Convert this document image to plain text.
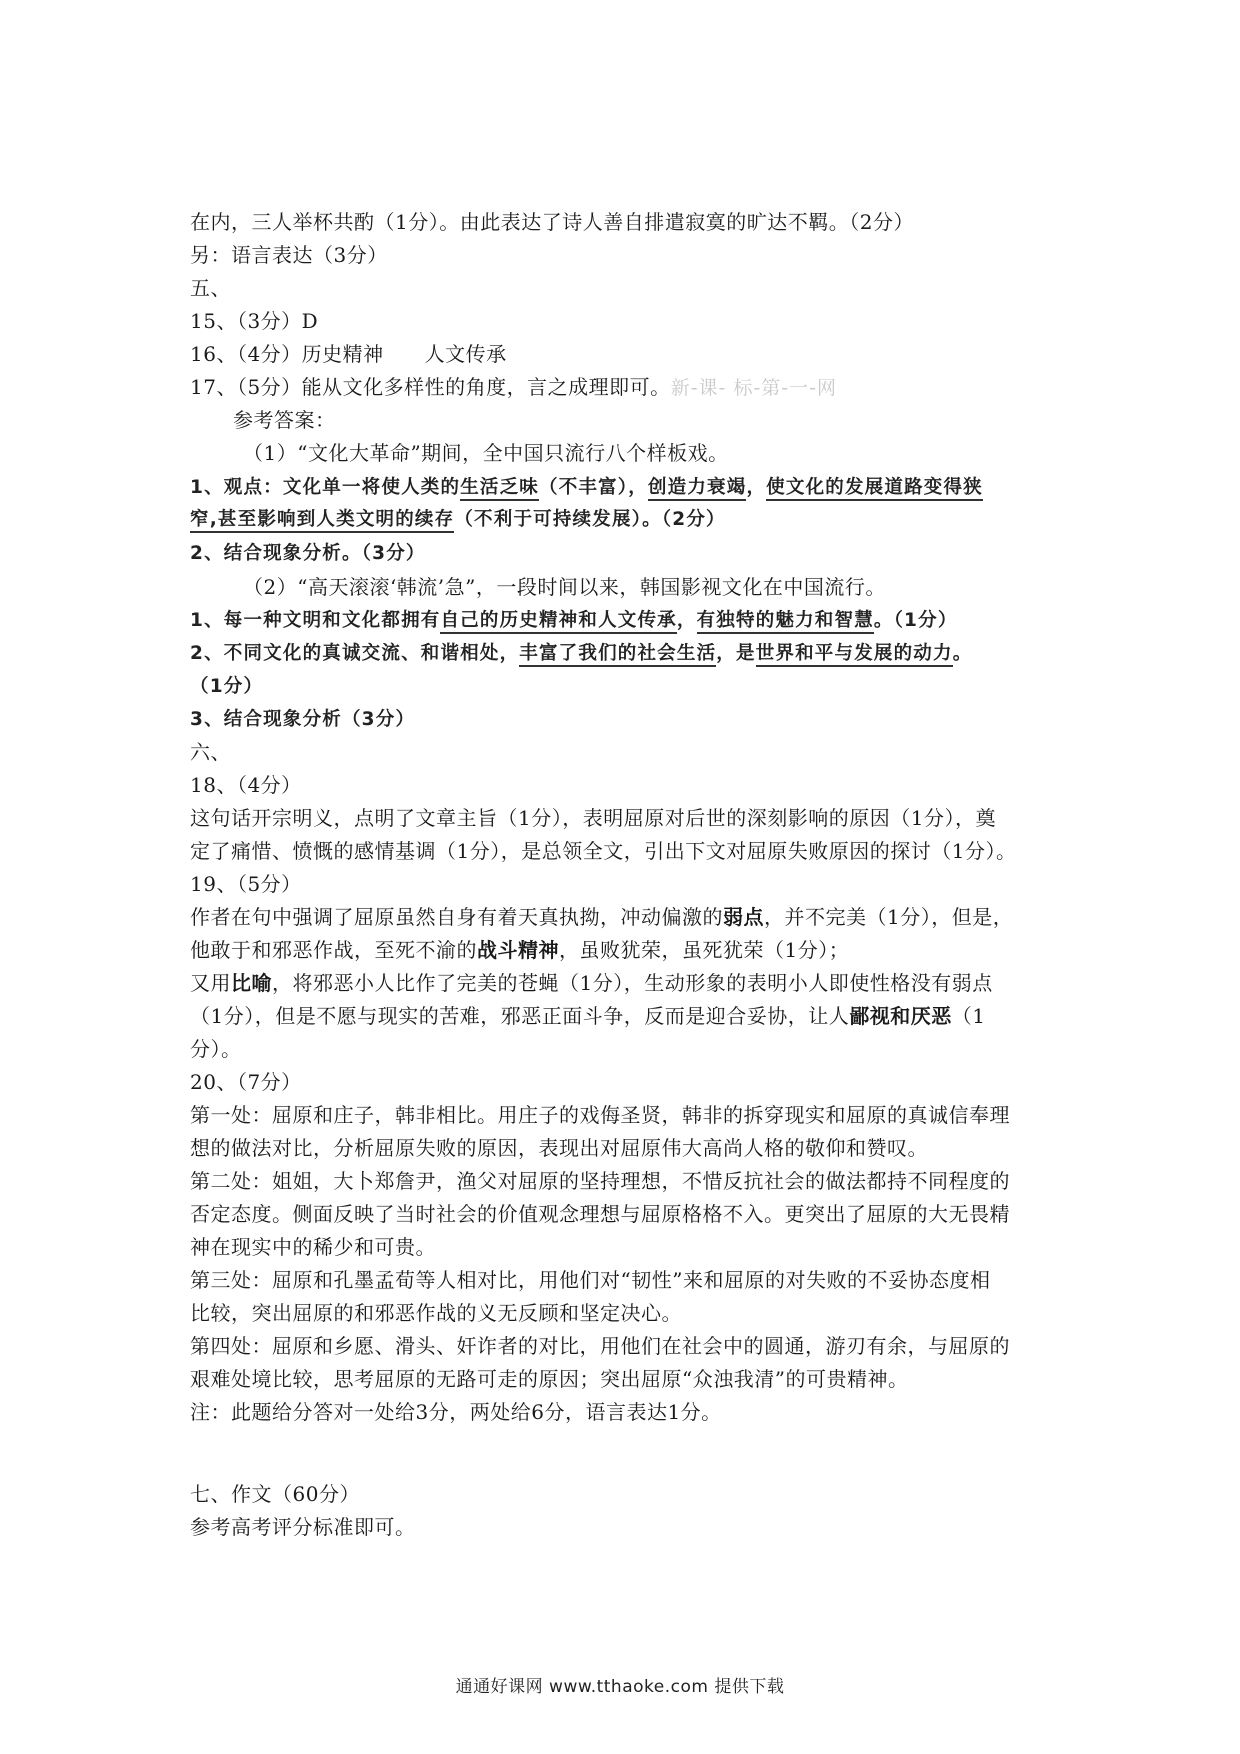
在内，三人举杯共酌（1分）。由此表达了诗人善自排遣寂寞的旷达不羁。（2分）
另：语言表达（3分）
五、
15、（3分）D
16、（4分）历史精神　　人文传承
17、（5分）能从文化多样性的角度，言之成理即可。新-课- 标-第-一-网
参考答案：
（1）“文化大革命”期间，全中国只流行八个样板戏。
1、观点：文化单一将使人类的生活乏味（不丰富），创造力衰竭，使文化的发展道路变得狭
窄,甚至影响到人类文明的续存（不利于可持续发展）。（2分）
2、结合现象分析。（3分）
（2）“高天滚滚‘韩流’急”，一段时间以来，韩国影视文化在中国流行。
1、每一种文明和文化都拥有自己的历史精神和人文传承，有独特的魅力和智慧。（1分）
2、不同文化的真诚交流、和谐相处，丰富了我们的社会生活，是世界和平与发展的动力。
（1分）
3、结合现象分析（3分）
六、
18、（4分）
这句话开宗明义，点明了文章主旨（1分），表明屈原对后世的深刻影响的原因（1分），奠
定了痛惜、愤慨的感情基调（1分），是总领全文，引出下文对屈原失败原因的探讨（1分）。
19、（5分）
作者在句中强调了屈原虽然自身有着天真执拗，冲动偏激的弱点，并不完美（1分），但是，
他敢于和邪恶作战，至死不渝的战斗精神，虽败犹荣，虽死犹荣（1分）；
又用比喻，将邪恶小人比作了完美的苍蝇（1分），生动形象的表明小人即使性格没有弱点
（1分），但是不愿与现实的苦难，邪恶正面斗争，反而是迎合妥协，让人鄙视和厌恶（1
分）。
20、（7分）
第一处：屈原和庄子，韩非相比。用庄子的戏侮圣贤，韩非的拆穿现实和屈原的真诚信奉理
想的做法对比，分析屈原失败的原因，表现出对屈原伟大高尚人格的敬仰和赞叹。
第二处：姐姐，大卜郑詹尹，渔父对屈原的坚持理想，不惜反抗社会的做法都持不同程度的
否定态度。侧面反映了当时社会的价值观念理想与屈原格格不入。更突出了屈原的大无畏精
神在现实中的稀少和可贵。
第三处：屈原和孔墨孟荀等人相对比，用他们对“韧性”来和屈原的对失败的不妥协态度相
比较，突出屈原的和邪恶作战的义无反顾和坚定决心。
第四处：屈原和乡愿、滑头、奸诈者的对比，用他们在社会中的圆通，游刃有余，与屈原的
艰难处境比较，思考屈原的无路可走的原因；突出屈原“众浊我清”的可贵精神。
注：此题给分答对一处给3分，两处给6分，语言表达1分。
七、作文（60分）
参考高考评分标准即可。
通通好课网 www.tthaoke.com 提供下载
